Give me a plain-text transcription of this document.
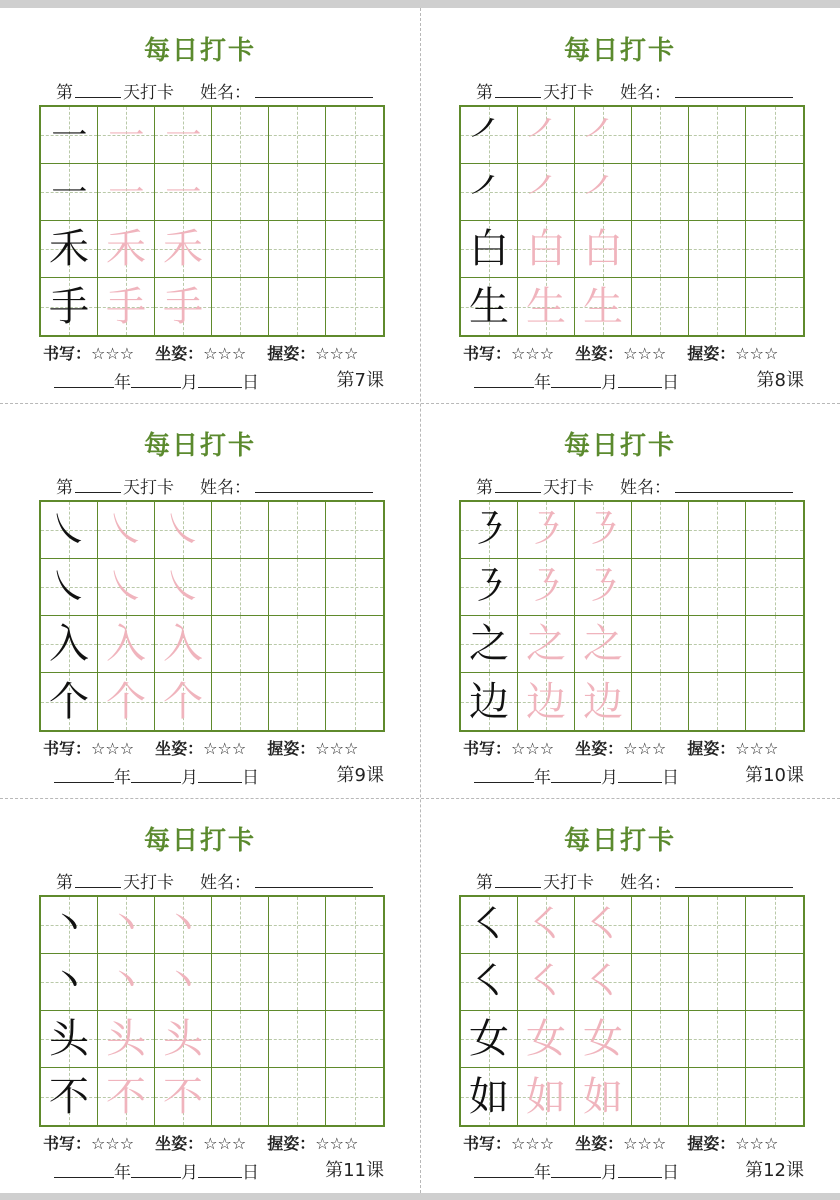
每日打卡
第	天打卡 姓名：
㇐ ㇐ ㇐
㇐ ㇐ ㇐
禾 禾 禾
手 手 手
书写：☆☆☆ 坐姿：☆☆☆ 握姿：☆☆☆
年	月	日	第7课
每日打卡
第	天打卡 姓名：
㇒ ㇒ ㇒
㇒ ㇒ ㇒
白 白 白
生 生 生
书写：☆☆☆ 坐姿：☆☆☆ 握姿：☆☆☆
年	月	日	第8课
每日打卡
第	天打卡 姓名：
㇏ ㇏ ㇏
㇏ ㇏ ㇏
入 入 入
个 个 个
书写：☆☆☆ 坐姿：☆☆☆ 握姿：☆☆☆
年	月	日	第9课
每日打卡
第	天打卡 姓名：
㇋ ㇋ ㇋
㇋ ㇋ ㇋
之 之 之
边 边 边
书写：☆☆☆ 坐姿：☆☆☆ 握姿：☆☆☆
年	月	日	第10课
每日打卡
第	天打卡 姓名：
丶 丶 丶
丶 丶 丶
头 头 头
不 不 不
书写：☆☆☆ 坐姿：☆☆☆ 握姿：☆☆☆
年	月	日	第11课
每日打卡
第	天打卡 姓名：
㇛ ㇛ ㇛
㇛ ㇛ ㇛
女 女 女
如 如 如
书写：☆☆☆ 坐姿：☆☆☆ 握姿：☆☆☆
年	月	日	第12课
